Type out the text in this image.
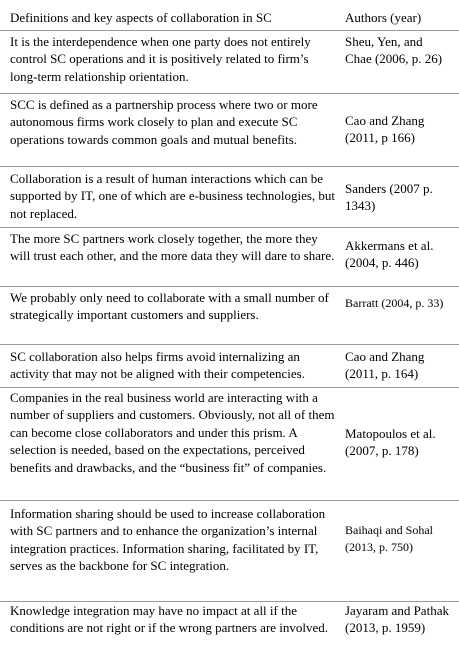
Definitions and key aspects of collaboration in SC	Authors (year)
It is the interdependence when one party does not entirely control SC operations and it is positively related to firm’s long-term relationship orientation.
Sheu, Yen, and Chae (2006, p. 26)
SCC is defined as a partnership process where two or more autonomous firms work closely to plan and execute SC operations towards common goals and mutual benefits.
Cao and Zhang (2011, p 166)
Collaboration is a result of human interactions which can be supported by IT, one of which are e-business technologies, but not replaced.
Sanders (2007 p. 1343)
The more SC partners work closely together, the more they will trust each other, and the more data they will dare to share.
Akkermans et al. (2004, p. 446)
We probably only need to collaborate with a small number of strategically important customers and suppliers.
Barratt (2004, p. 33)
SC collaboration also helps firms avoid internalizing an activity that may not be aligned with their competencies.
Cao and Zhang (2011, p. 164)
Companies in the real business world are interacting with a number of suppliers and customers. Obviously, not all of them can become close collaborators and under this prism. A selection is needed, based on the expectations, perceived benefits and drawbacks, and the “business fit” of companies.
Matopoulos et al. (2007, p. 178)
Information sharing should be used to increase collaboration with SC partners and to enhance the organization’s internal integration practices. Information sharing, facilitated by IT, serves as the backbone for SC integration.
Baihaqi and Sohal (2013, p. 750)
Knowledge integration may have no impact at all if the conditions are not right or if the wrong partners are involved.
Jayaram and Pathak (2013, p. 1959)
